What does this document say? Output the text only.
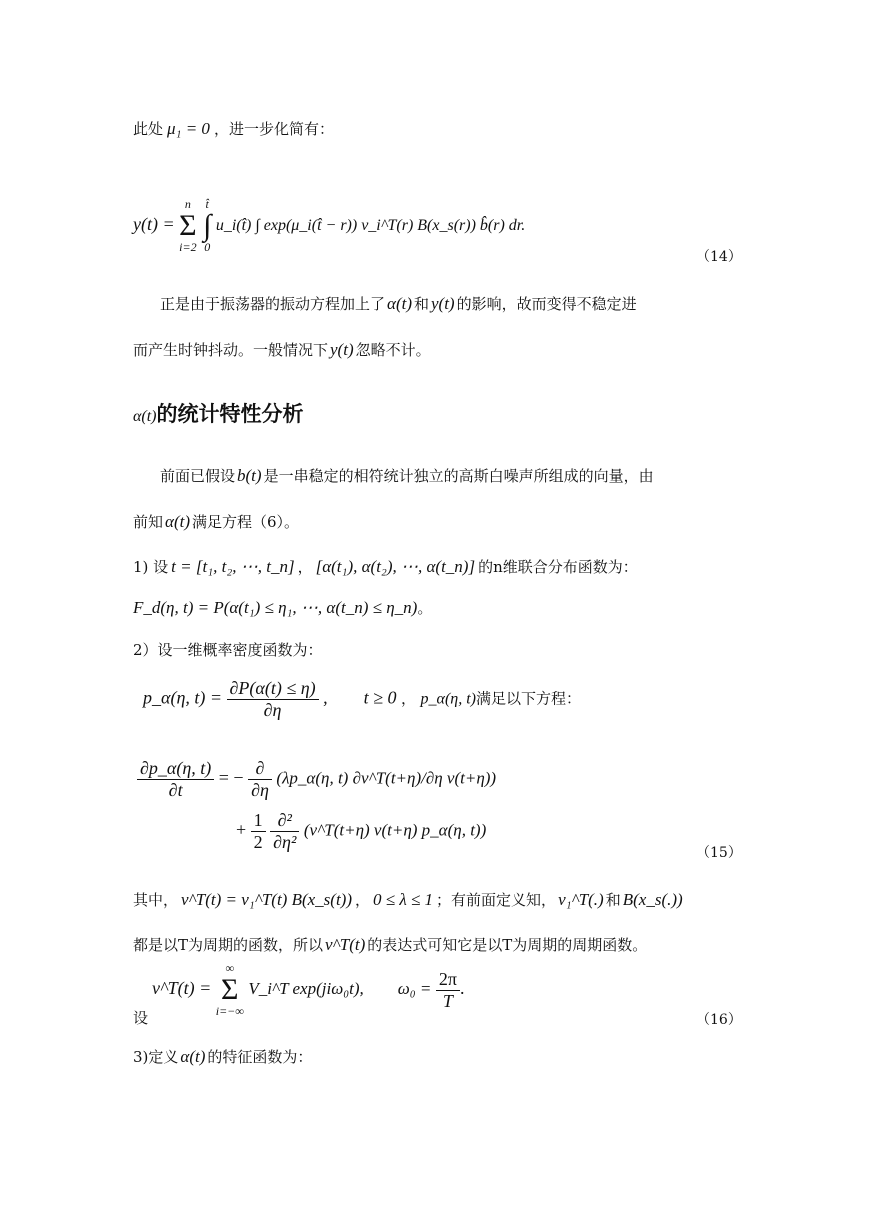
此处 μ₁ = 0 ，进一步化简有：
y(t) =
n
Σ
i=2

t̂
∫
0
u_i(t̂) ∫ exp(μ_i(t̂ − r)) v_i^T(r) B(x_s(r)) b̂(r) dr.
（14）
正是由于振荡器的振动方程加上了 α(t) 和 y(t) 的影响，故而变得不稳定进
而产生时钟抖动。一般情况下 y(t) 忽略不计。
α(t)的统计特性分析
前面已假设 b(t) 是一串稳定的相符统计独立的高斯白噪声所组成的向量，由
前知 α(t) 满足方程（6）。
1) 设 t = [t₁, t₂, ⋯, t_n] ， [α(t₁), α(t₂), ⋯, α(t_n)] 的n维联合分布函数为：
F_d(η, t) = P(α(t₁) ≤ η₁, ⋯, α(t_n) ≤ η_n)。
2）设一维概率密度函数为：
p_α(η, $t) = \frac{\partial P(\alpha(t) \le \eta)}{\partial\eta}$ ,        t ≥ 0 ， p_α(η, t)满足以下方程：
$\frac{\partial p\_\alpha(\eta, t)}{\partial t}$ = − $\frac{\partial}{\partial\eta}$ (λp_α(η, t) ∂v^T(t+η)/∂η v(t+η))
+ $\frac{1}{2}$
$\frac{\text{∂²}}{\text{∂η²}}$ (v^T(t+η) v(t+η) p_α(η, t))
（15）
其中， v^T(t) = v₁^T(t) B(x_s(t)) ， 0 ≤ λ ≤ 1 ；有前面定义知， v₁^T(.) 和 B(x_s(.))
都是以T为周期的函数，所以 v^T(t) 的表达式可知它是以T为周期的周期函数。
v^T(t) =
∞
Σ
i=−∞
V_i^T exp(jiω₀t),        $\omega_0 = \frac{2\pi}{T}$ .
设	（16）
3)定义 α(t) 的特征函数为：
